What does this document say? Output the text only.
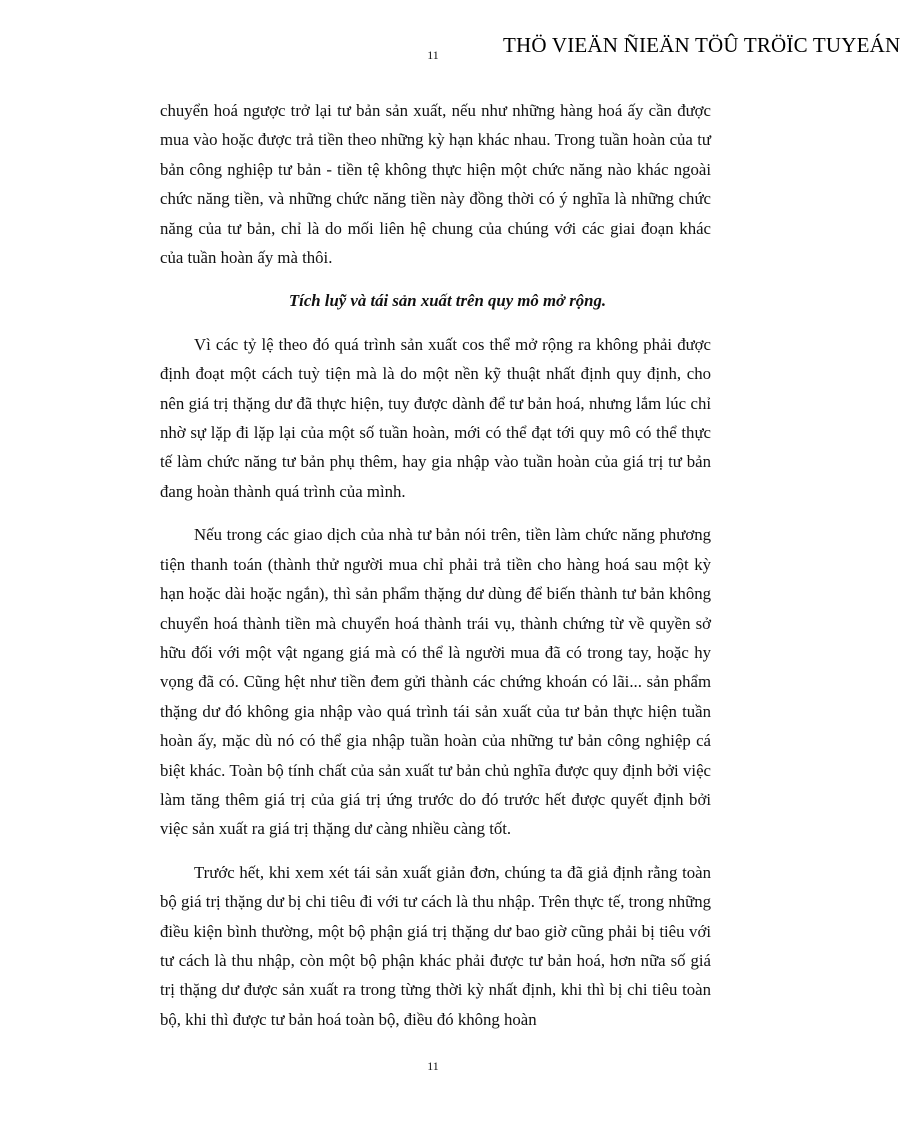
11	THÖ VIEÄN ÑIEÄN TÖÛ TRÖÏC TUYEÁN

chuyển hoá ngược trở lại tư bản sản xuất, nếu như những hàng hoá ấy cần được mua vào hoặc được trả tiền theo những kỳ hạn khác nhau. Trong tuần hoàn của tư bản công nghiệp tư bản - tiền tệ không thực hiện một chức năng nào khác ngoài chức năng tiền, và những chức năng tiền này đồng thời có ý nghĩa là những chức năng của tư bản, chỉ là do mối liên hệ chung của chúng với các giai đoạn khác của tuần hoàn ấy mà thôi.

Tích luỹ và tái sản xuất trên quy mô mở rộng.

Vì các tỷ lệ theo đó quá trình sản xuất cos thể mở rộng ra không phải được định đoạt một cách tuỳ tiện mà là do một nền kỹ thuật nhất định quy định, cho nên giá trị thặng dư đã thực hiện, tuy được dành để tư bản hoá, nhưng lắm lúc chỉ nhờ sự lặp đi lặp lại của một số tuần hoàn, mới có thể đạt tới quy mô có thể thực tế làm chức năng tư bản phụ thêm, hay gia nhập vào tuần hoàn của giá trị tư bản đang hoàn thành quá trình của mình.

Nếu trong các giao dịch của nhà tư bản nói trên, tiền làm chức năng phương tiện thanh toán (thành thử người mua chỉ phải trả tiền cho hàng hoá sau một kỳ hạn hoặc dài hoặc ngắn), thì sản phẩm thặng dư dùng để biến thành tư bản không chuyển hoá thành tiền mà chuyển hoá thành trái vụ, thành chứng từ về quyền sở hữu đối với một vật ngang giá mà có thể là người mua đã có trong tay, hoặc hy vọng đã có. Cũng hệt như tiền đem gửi thành các chứng khoán có lãi... sản phẩm thặng dư đó không gia nhập vào quá trình tái sản xuất của tư bản thực hiện tuần hoàn ấy, mặc dù nó có thể gia nhập tuần hoàn của những tư bản công nghiệp cá biệt khác. Toàn bộ tính chất của sản xuất tư bản chủ nghĩa được quy định bởi việc làm tăng thêm giá trị của giá trị ứng trước do đó trước hết được quyết định bởi việc sản xuất ra giá trị thặng dư càng nhiều càng tốt.

Trước hết, khi xem xét tái sản xuất giản đơn, chúng ta đã giả định rằng toàn bộ giá trị thặng dư bị chi tiêu đi với tư cách là thu nhập. Trên thực tế, trong những điều kiện bình thường, một bộ phận giá trị thặng dư bao giờ cũng phải bị tiêu với tư cách là thu nhập, còn một bộ phận khác phải được tư bản hoá, hơn nữa số giá trị thặng dư được sản xuất ra trong từng thời kỳ nhất định, khi thì bị chi tiêu toàn bộ, khi thì được tư bản hoá toàn bộ, điều đó không hoàn

11
